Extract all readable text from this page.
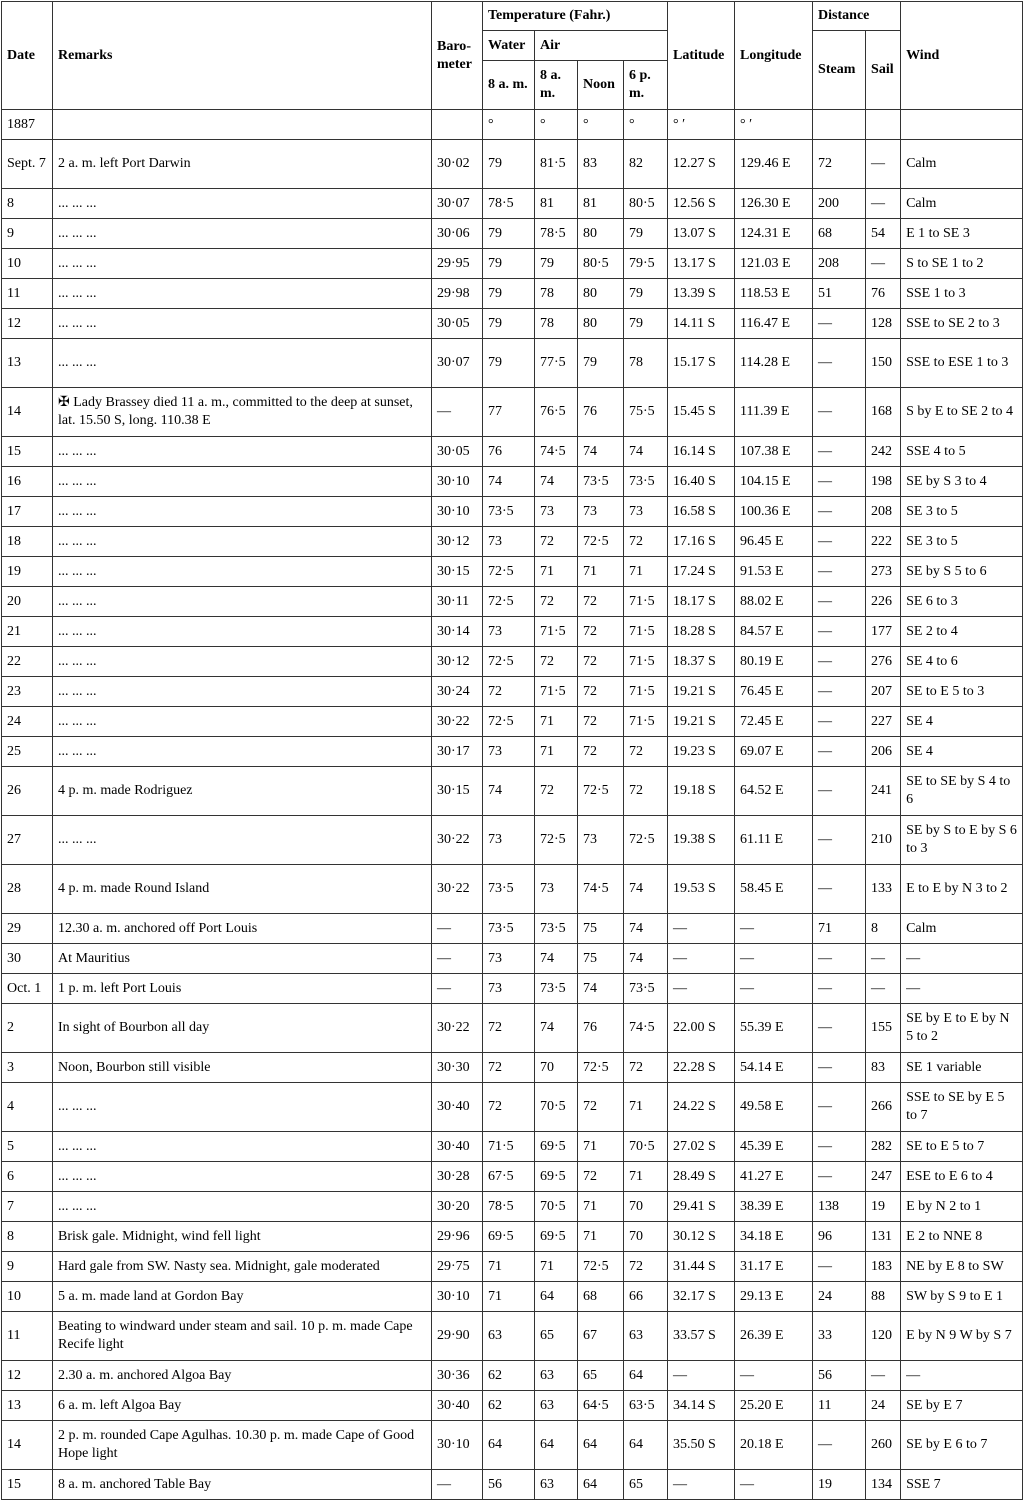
Date	Remarks	Barometer	Temperature (Fahr.)				Latitude	Longitude	Distance		Wind
			Water	Air					Steam	Sail	
			8 a. m.	8 a. m.	Noon	6 p. m.					
1887			°	°	°	°	° ′	° ′			
Sept. 7	2 a. m. left Port Darwin	30·02	79	81·5	83	82	12.27 S	129.46 E	72	—	Calm
8	... ... ...	30·07	78·5	81	81	80·5	12.56 S	126.30 E	200	—	Calm
9	... ... ...	30·06	79	78·5	80	79	13.07 S	124.31 E	68	54	E 1 to SE 3
10	... ... ...	29·95	79	79	80·5	79·5	13.17 S	121.03 E	208	—	S to SE 1 to 2
11	... ... ...	29·98	79	78	80	79	13.39 S	118.53 E	51	76	SSE 1 to 3
12	... ... ...	30·05	79	78	80	79	14.11 S	116.47 E	—	128	SSE to SE 2 to 3
13	... ... ...	30·07	79	77·5	79	78	15.17 S	114.28 E	—	150	SSE to ESE 1 to 3
14	✠ Lady Brassey died 11 a. m., committed to the deep at sunset, lat. 15.50 S, long. 110.38 E	—	77	76·5	76	75·5	15.45 S	111.39 E	—	168	S by E to SE 2 to 4
15	... ... ...	30·05	76	74·5	74	74	16.14 S	107.38 E	—	242	SSE 4 to 5
16	... ... ...	30·10	74	74	73·5	73·5	16.40 S	104.15 E	—	198	SE by S 3 to 4
17	... ... ...	30·10	73·5	73	73	73	16.58 S	100.36 E	—	208	SE 3 to 5
18	... ... ...	30·12	73	72	72·5	72	17.16 S	96.45 E	—	222	SE 3 to 5
19	... ... ...	30·15	72·5	71	71	71	17.24 S	91.53 E	—	273	SE by S 5 to 6
20	... ... ...	30·11	72·5	72	72	71·5	18.17 S	88.02 E	—	226	SE 6 to 3
21	... ... ...	30·14	73	71·5	72	71·5	18.28 S	84.57 E	—	177	SE 2 to 4
22	... ... ...	30·12	72·5	72	72	71·5	18.37 S	80.19 E	—	276	SE 4 to 6
23	... ... ...	30·24	72	71·5	72	71·5	19.21 S	76.45 E	—	207	SE to E 5 to 3
24	... ... ...	30·22	72·5	71	72	71·5	19.21 S	72.45 E	—	227	SE 4
25	... ... ...	30·17	73	71	72	72	19.23 S	69.07 E	—	206	SE 4
26	4 p. m. made Rodriguez	30·15	74	72	72·5	72	19.18 S	64.52 E	—	241	SE to SE by S 4 to 6
27	... ... ...	30·22	73	72·5	73	72·5	19.38 S	61.11 E	—	210	SE by S to E by S 6 to 3
28	4 p. m. made Round Island	30·22	73·5	73	74·5	74	19.53 S	58.45 E	—	133	E to E by N 3 to 2
29	12.30 a. m. anchored off Port Louis	—	73·5	73·5	75	74	—	—	71	8	Calm
30	At Mauritius	—	73	74	75	74	—	—	—	—	—
Oct. 1	1 p. m. left Port Louis	—	73	73·5	74	73·5	—	—	—	—	—
2	In sight of Bourbon all day	30·22	72	74	76	74·5	22.00 S	55.39 E	—	155	SE by E to E by N 5 to 2
3	Noon, Bourbon still visible	30·30	72	70	72·5	72	22.28 S	54.14 E	—	83	SE 1 variable
4	... ... ...	30·40	72	70·5	72	71	24.22 S	49.58 E	—	266	SSE to SE by E 5 to 7
5	... ... ...	30·40	71·5	69·5	71	70·5	27.02 S	45.39 E	—	282	SE to E 5 to 7
6	... ... ...	30·28	67·5	69·5	72	71	28.49 S	41.27 E	—	247	ESE to E 6 to 4
7	... ... ...	30·20	78·5	70·5	71	70	29.41 S	38.39 E	138	19	E by N 2 to 1
8	Brisk gale. Midnight, wind fell light	29·96	69·5	69·5	71	70	30.12 S	34.18 E	96	131	E 2 to NNE 8
9	Hard gale from SW. Nasty sea. Midnight, gale moderated	29·75	71	71	72·5	72	31.44 S	31.17 E	—	183	NE by E 8 to SW
10	5 a. m. made land at Gordon Bay	30·10	71	64	68	66	32.17 S	29.13 E	24	88	SW by S 9 to E 1
11	Beating to windward under steam and sail. 10 p. m. made Cape Recife light	29·90	63	65	67	63	33.57 S	26.39 E	33	120	E by N 9 W by S 7
12	2.30 a. m. anchored Algoa Bay	30·36	62	63	65	64	—	—	56	—	—
13	6 a. m. left Algoa Bay	30·40	62	63	64·5	63·5	34.14 S	25.20 E	11	24	SE by E 7
14	2 p. m. rounded Cape Agulhas. 10.30 p. m. made Cape of Good Hope light	30·10	64	64	64	64	35.50 S	20.18 E	—	260	SE by E 6 to 7
15	8 a. m. anchored Table Bay	—	56	63	64	65	—	—	19	134	SSE 7
